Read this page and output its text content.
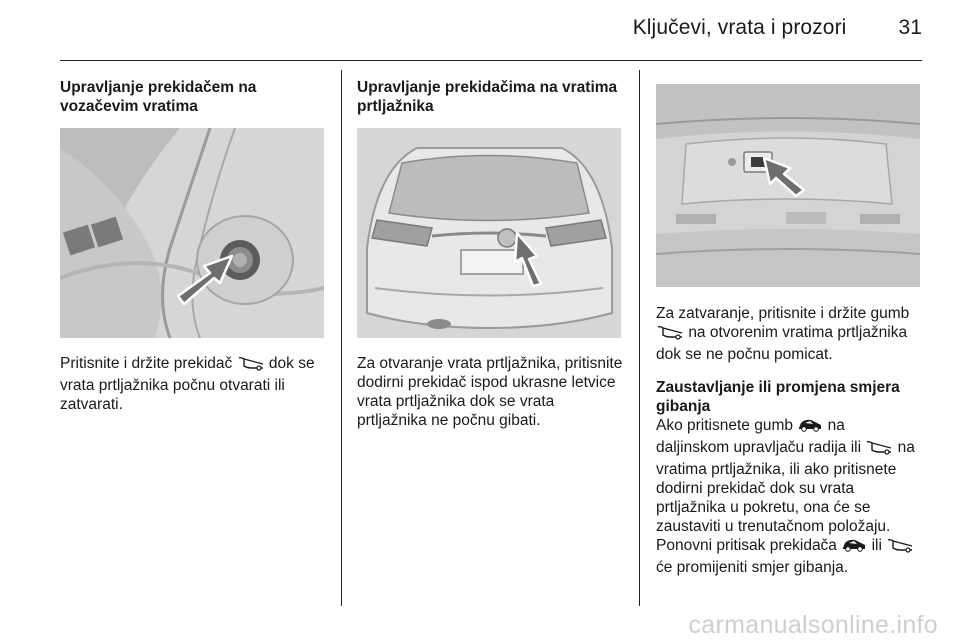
Ključevi, vrata i prozori 31

Upravljanje prekidačem na vozačevim vratima

Pritisnite i držite prekidač dok se vrata prtljažnika počnu otvarati ili zatvarati.

Upravljanje prekidačima na vratima prtljažnika

Za otvaranje vrata prtljažnika, pritisnite dodirni prekidač ispod ukrasne letvice vrata prtljažnika dok se vrata prtljažnika ne počnu gibati.

Za zatvaranje, pritisnite i držite gumb  na otvorenim vratima prtljažnika dok se ne počnu pomicat.

Zaustavljanje ili promjena smjera gibanja

Ako pritisnete gumb na daljinskom upravljaču radija ili na vratima prtljažnika, ili ako pritisnete dodirni prekidač dok su vrata prtljažnika u pokretu, ona će se zaustaviti u trenutačnom položaju. Ponovni pritisak prekidača ili  će promijeniti smjer gibanja.

carmanualsonline.info
